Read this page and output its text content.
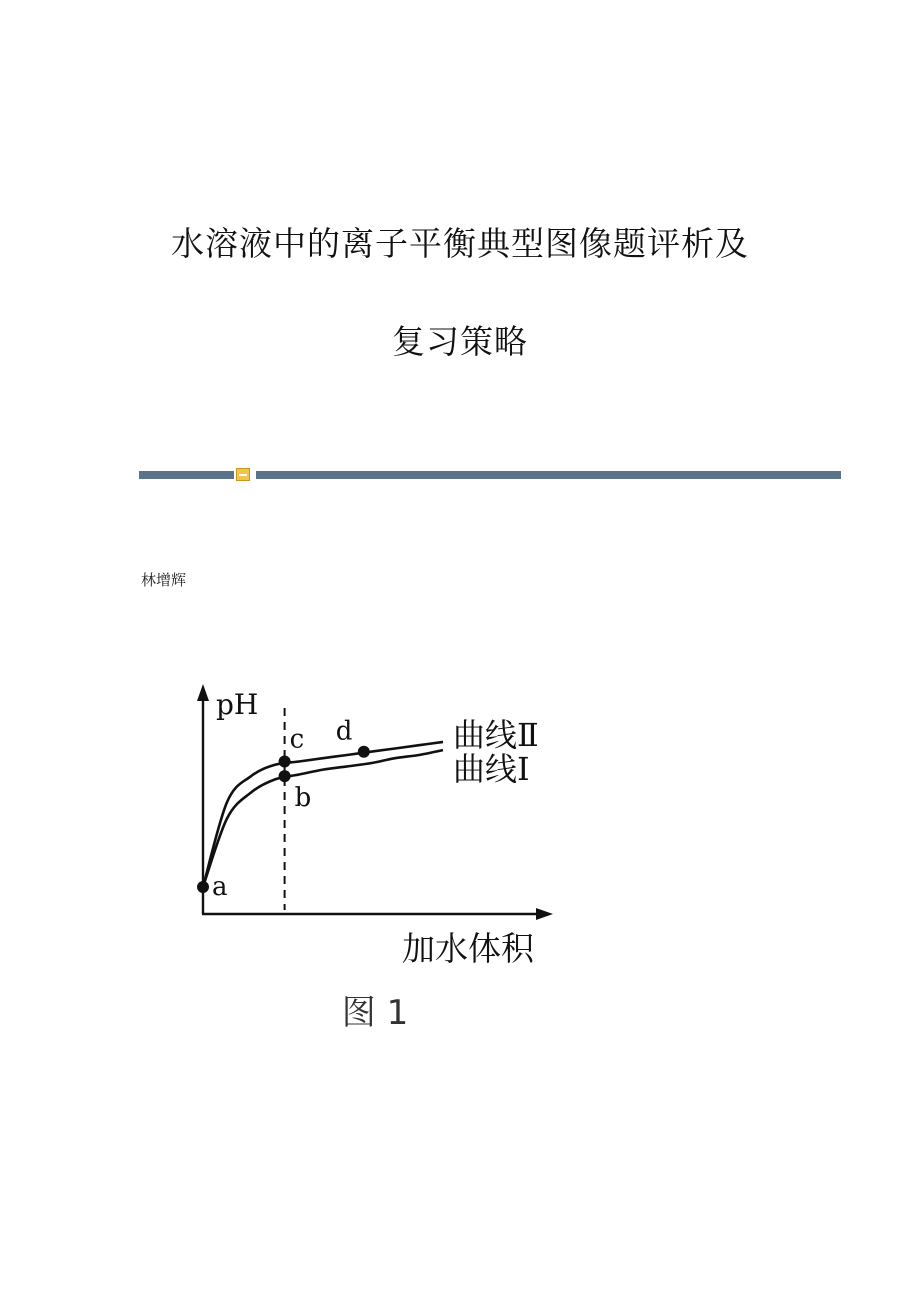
水溶液中的离子平衡典型图像题评析及
复习策略
林增辉
pH
加水体积
曲线Ⅱ
曲线Ⅰ
a
b
c d
图 1
